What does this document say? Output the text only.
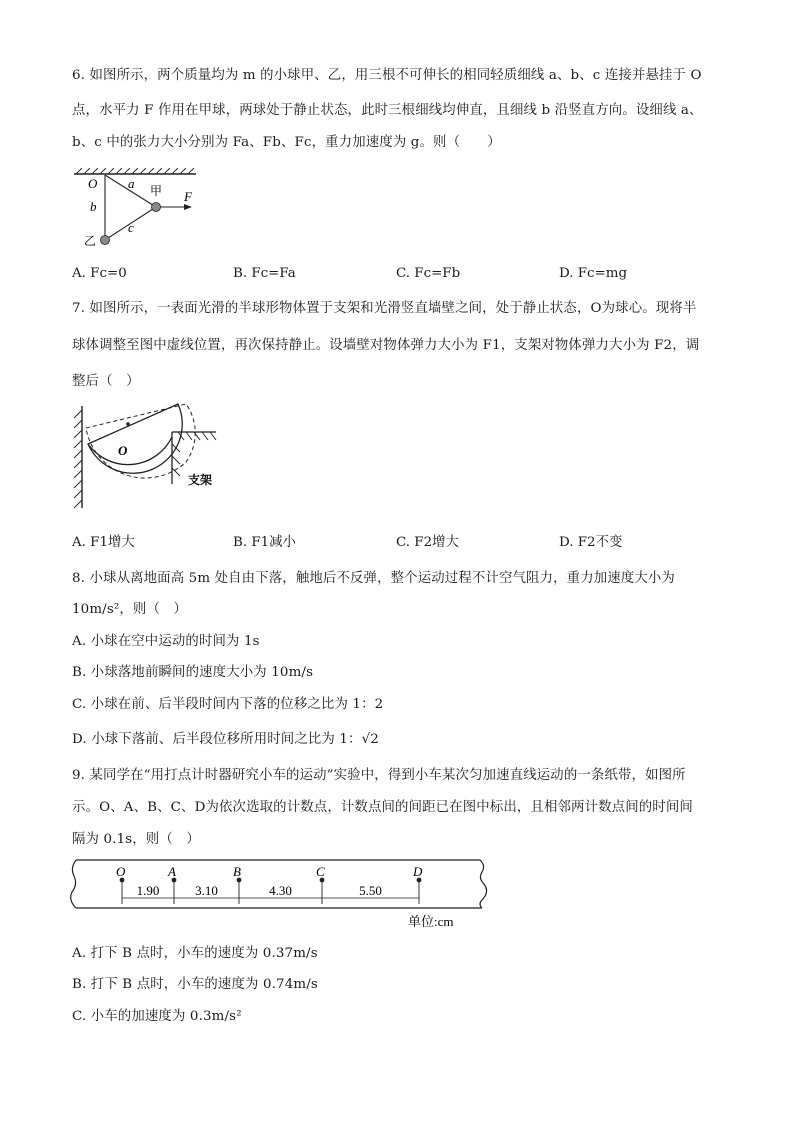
6. 如图所示，两个质量均为 m 的小球甲、乙，用三根不可伸长的相同轻质细线 a、b、c 连接并悬挂于 O
点，水平力 F 作用在甲球，两球处于静止状态，此时三根细线均伸直，且细线 b 沿竖直方向。设细线 a、
b、c 中的张力大小分别为 Fa、Fb、Fc，重力加速度为 g。则（　　）
O a
b
c
甲
乙
F
A. Fc=0	B. Fc=Fa	C. Fc=Fb	D. Fc=mg
7. 如图所示，一表面光滑的半球形物体置于支架和光滑竖直墙壁之间，处于静止状态，O为球心。现将半
球体调整至图中虚线位置，再次保持静止。设墙壁对物体弹力大小为 F1，支架对物体弹力大小为 F2，调
整后（　）
O
支架
A. F1增大	B. F1减小	C. F2增大	D. F2不变
8. 小球从离地面高 5m 处自由下落，触地后不反弹，整个运动过程不计空气阻力，重力加速度大小为
10m/s²，则（　）
A. 小球在空中运动的时间为 1s
B. 小球落地前瞬间的速度大小为 10m/s
C. 小球在前、后半段时间内下落的位移之比为 1：2
D. 小球下落前、后半段位移所用时间之比为 1：√2
9. 某同学在“用打点计时器研究小车的运动”实验中，得到小车某次匀加速直线运动的一条纸带，如图所
示。O、A、B、C、D为依次选取的计数点，计数点间的间距已在图中标出，且相邻两计数点间的时间间
隔为 0.1s，则（　）
O	A	B	C	D
1.90	3.10	4.30	5.50
单位:cm
A. 打下 B 点时，小车的速度为 0.37m/s
B. 打下 B 点时，小车的速度为 0.74m/s
C. 小车的加速度为 0.3m/s²
